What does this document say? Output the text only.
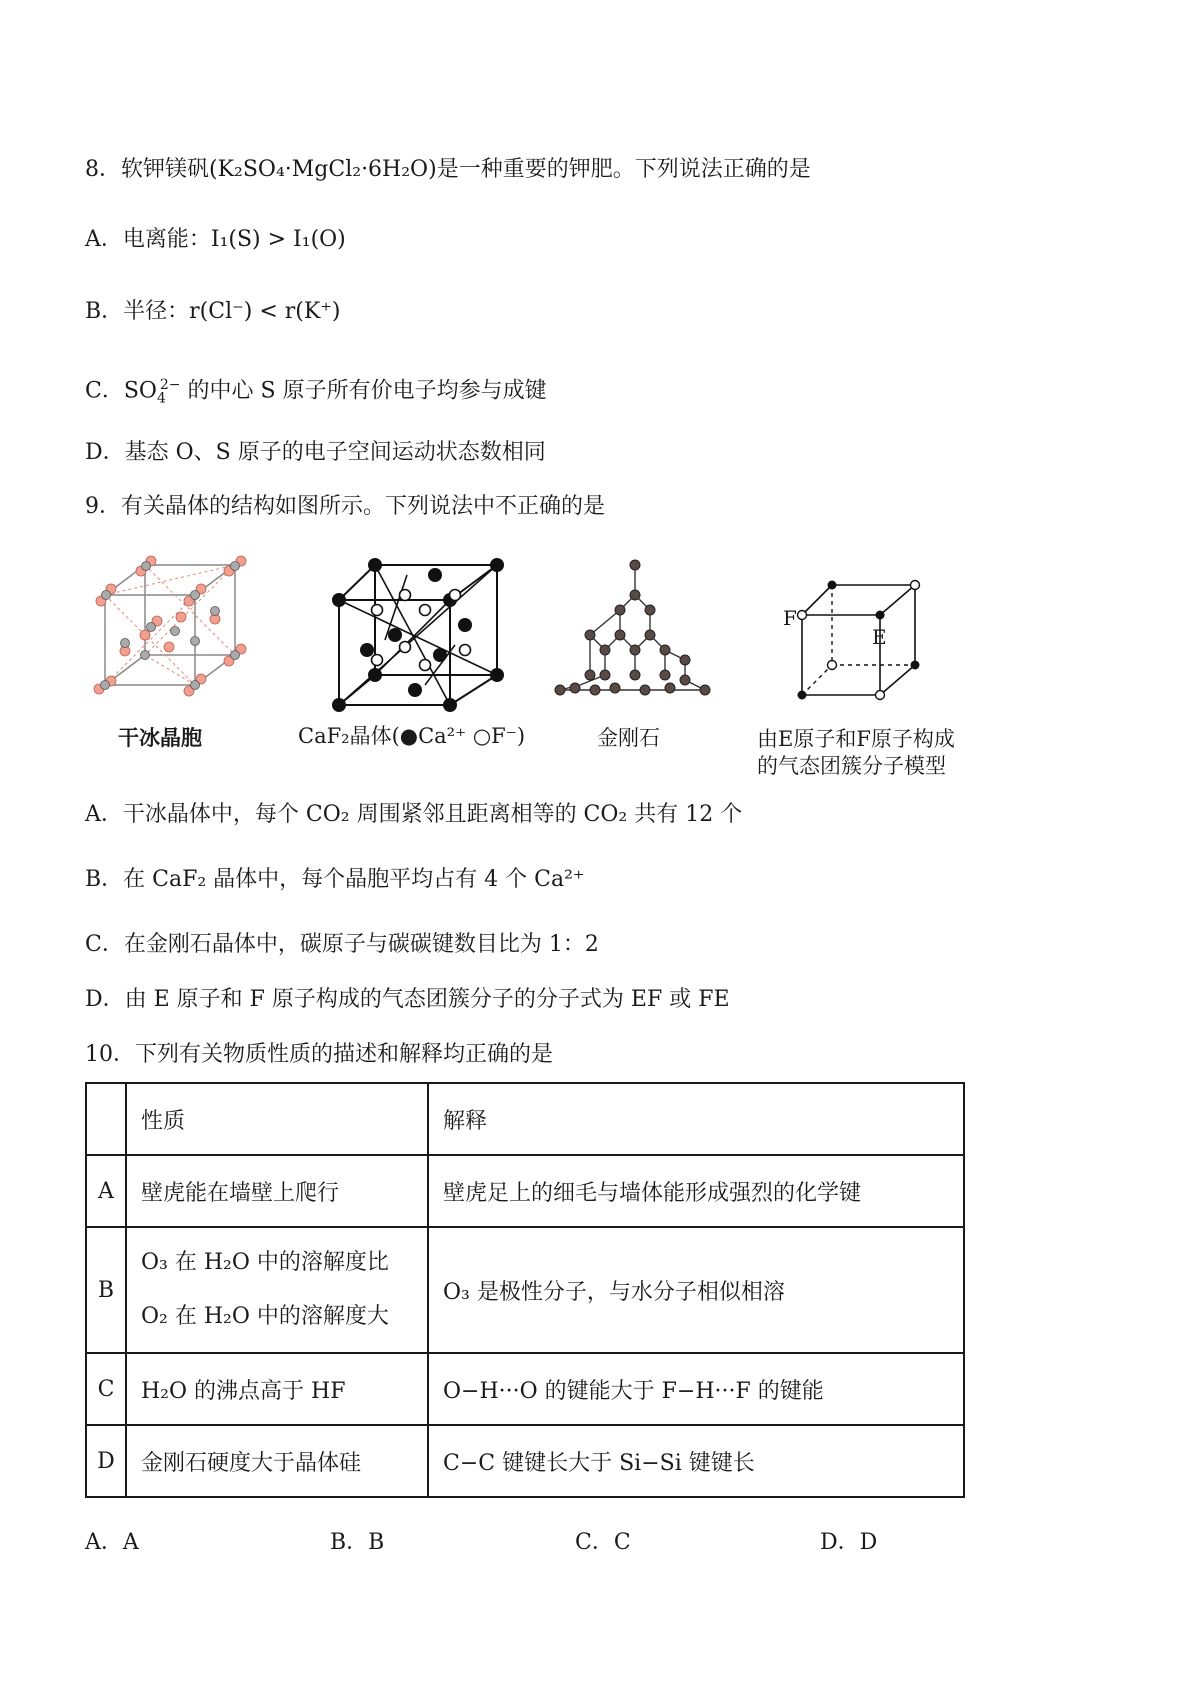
8．软钾镁矾(K₂SO₄·MgCl₂·6H₂O)是一种重要的钾肥。下列说法正确的是
A．电离能：I₁(S) > I₁(O)
B．半径：r(Cl⁻) < r(K⁺)
C．$SO_4^{2-}$ 的中心 S 原子所有价电子均参与成键
D．基态 O、S 原子的电子空间运动状态数相同
9．有关晶体的结构如图所示。下列说法中不正确的是
干冰晶胞	CaF₂晶体(●Ca²⁺ ○F⁻)	金刚石
F
E
由E原子和F原子构成
的气态团簇分子模型
A．干冰晶体中，每个 CO₂ 周围紧邻且距离相等的 CO₂ 共有 12 个
B．在 CaF₂ 晶体中，每个晶胞平均占有 4 个 Ca²⁺
C．在金刚石晶体中，碳原子与碳碳键数目比为 1：2
D．由 E 原子和 F 原子构成的气态团簇分子的分子式为 EF 或 FE
10．下列有关物质性质的描述和解释均正确的是
	性质	解释
A	壁虎能在墙壁上爬行	壁虎足上的细毛与墙体能形成强烈的化学键
B	O₃ 在 H₂O 中的溶解度比
O₂ 在 H₂O 中的溶解度大	O₃ 是极性分子，与水分子相似相溶
C	H₂O 的沸点高于 HF	O−H···O 的键能大于 F−H···F 的键能
D	金刚石硬度大于晶体硅	C−C 键键长大于 Si−Si 键键长
A．A	B．B	C．C	D．D
